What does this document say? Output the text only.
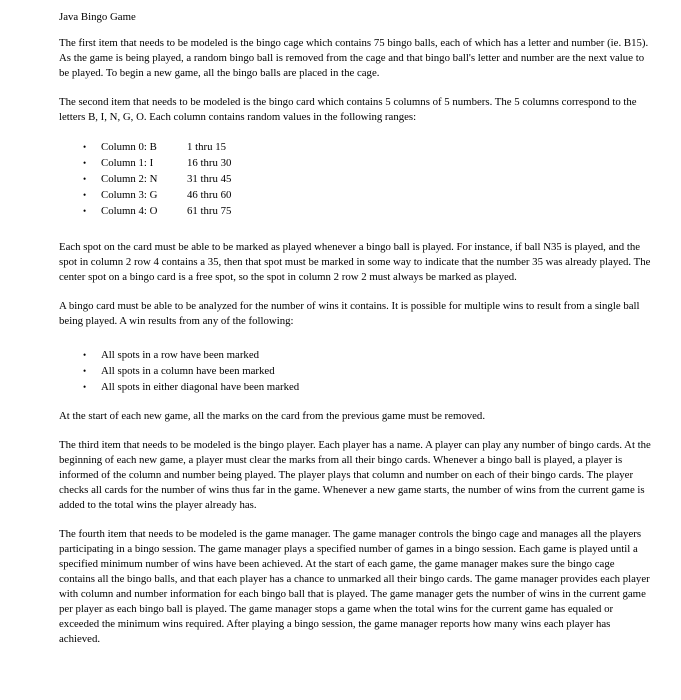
Java Bingo Game

The first item that needs to be modeled is the bingo cage which contains 75 bingo balls, each of which has a letter and number (ie. B15). As the game is being played, a random bingo ball is removed from the cage and that bingo ball's letter and number are the next value to be played. To begin a new game, all the bingo balls are placed in the cage.

The second item that needs to be modeled is the bingo card which contains 5 columns of 5 numbers. The 5 columns correspond to the letters B, I, N, G, O. Each column contains random values in the following ranges:

• Column 0: B	1 thru 15
• Column 1: I	16 thru 30
• Column 2: N	31 thru 45
• Column 3: G	46 thru 60
• Column 4: O	61 thru 75

Each spot on the card must be able to be marked as played whenever a bingo ball is played. For instance, if ball N35 is played, and the spot in column 2 row 4 contains a 35, then that spot must be marked in some way to indicate that the number 35 was already played. The center spot on a bingo card is a free spot, so the spot in column 2 row 2 must always be marked as played.

A bingo card must be able to be analyzed for the number of wins it contains. It is possible for multiple wins to result from a single ball being played. A win results from any of the following:

• All spots in a row have been marked
• All spots in a column have been marked
• All spots in either diagonal have been marked

At the start of each new game, all the marks on the card from the previous game must be removed.

The third item that needs to be modeled is the bingo player. Each player has a name. A player can play any number of bingo cards. At the beginning of each new game, a player must clear the marks from all their bingo cards. Whenever a bingo ball is played, a player is informed of the column and number being played. The player plays that column and number on each of their bingo cards. The player checks all cards for the number of wins thus far in the game. Whenever a new game starts, the number of wins from the current game is added to the total wins the player already has.

The fourth item that needs to be modeled is the game manager. The game manager controls the bingo cage and manages all the players participating in a bingo session. The game manager plays a specified number of games in a bingo session. Each game is played until a specified minimum number of wins have been achieved. At the start of each game, the game manager makes sure the bingo cage contains all the bingo balls, and that each player has a chance to unmarked all their bingo cards. The game manager provides each player with column and number information for each bingo ball that is played. The game manager gets the number of wins in the current game per player as each bingo ball is played. The game manager stops a game when the total wins for the current game has equaled or exceeded the minimum wins required. After playing a bingo session, the game manager reports how many wins each player has achieved.
